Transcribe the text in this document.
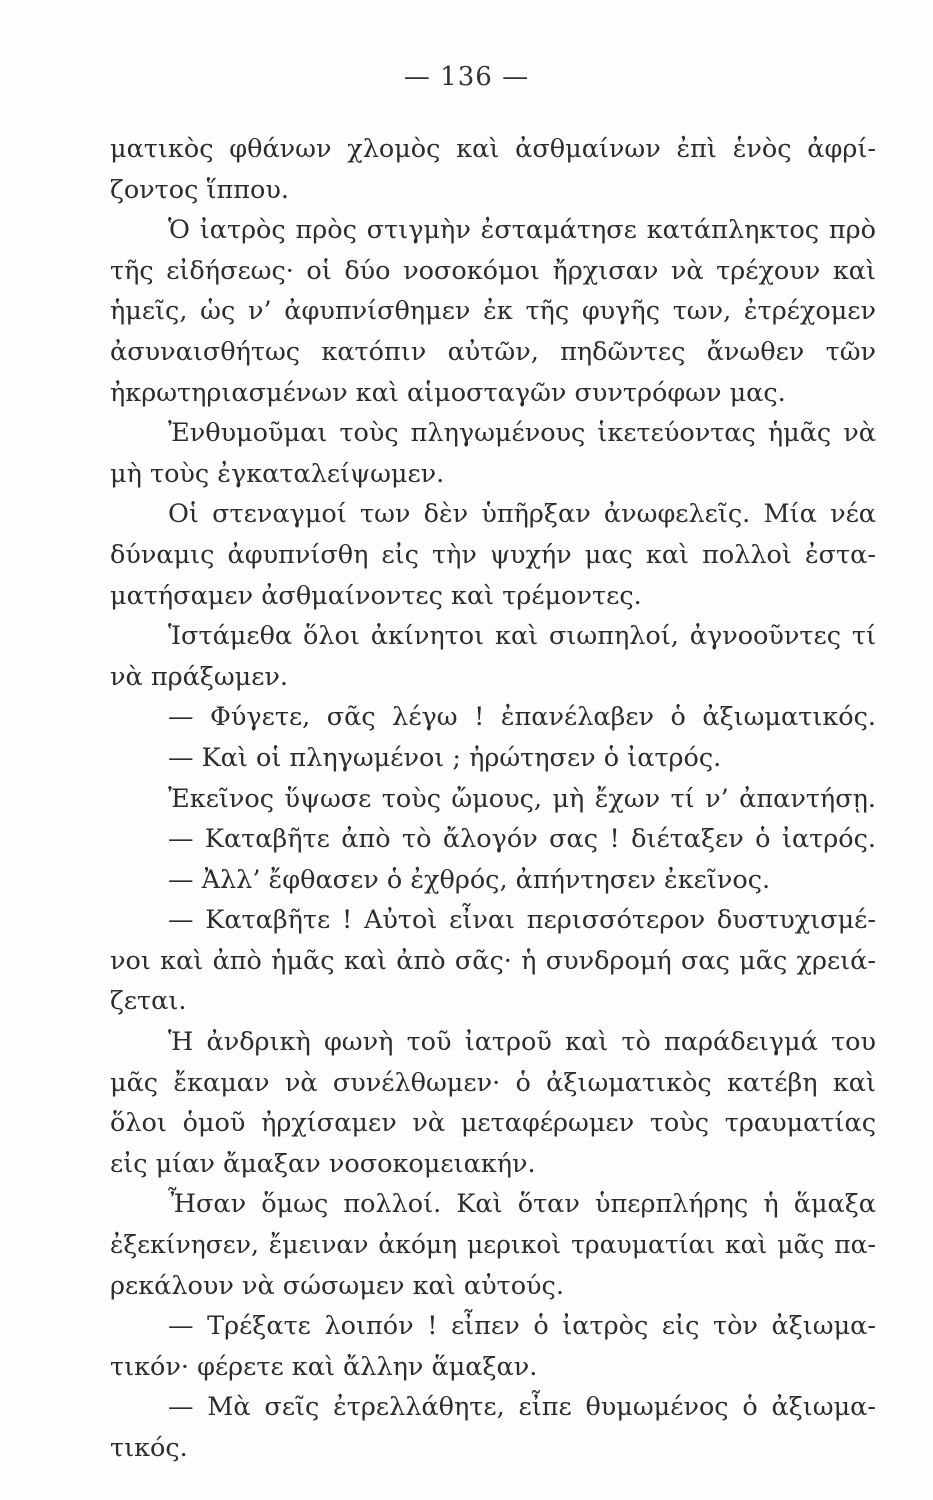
— 136 —
ματικὸς φθάνων χλομὸς καὶ ἀσθμαίνων ἐπὶ ἑνὸς ἀφρί-
ζοντος ἵππου.
Ὁ ἰατρὸς πρὸς στιγμὴν ἐσταμάτησε κατάπληκτος πρὸ
τῆς εἰδήσεως· οἱ δύο νοσοκόμοι ἤρχισαν νὰ τρέχουν καὶ
ἡμεῖς, ὡς ν’ ἀφυπνίσθημεν ἐκ τῆς φυγῆς των, ἐτρέχομεν
ἀσυναισθήτως κατόπιν αὐτῶν, πηδῶντες ἄνωθεν τῶν
ἠκρωτηριασμένων καὶ αἱμοσταγῶν συντρόφων μας.
Ἐνθυμοῦμαι τοὺς πληγωμένους ἱκετεύοντας ἡμᾶς νὰ
μὴ τοὺς ἐγκαταλείψωμεν.
Οἱ στεναγμοί των δὲν ὑπῆρξαν ἀνωφελεῖς. Μία νέα
δύναμις ἀφυπνίσθη εἰς τὴν ψυχήν μας καὶ πολλοὶ ἐστα-
ματήσαμεν ἀσθμαίνοντες καὶ τρέμοντες.
Ἱστάμεθα ὅλοι ἀκίνητοι καὶ σιωπηλοί, ἀγνοοῦντες τί
νὰ πράξωμεν.
— Φύγετε, σᾶς λέγω ! ἐπανέλαβεν ὁ ἀξιωματικός.
— Καὶ οἱ πληγωμένοι ; ἠρώτησεν ὁ ἰατρός.
Ἐκεῖνος ὕψωσε τοὺς ὤμους, μὴ ἔχων τί ν’ ἀπαντήσῃ.
— Καταβῆτε ἀπὸ τὸ ἄλογόν σας ! διέταξεν ὁ ἰατρός.
— Ἀλλ’ ἔφθασεν ὁ ἐχθρός, ἀπήντησεν ἐκεῖνος.
— Καταβῆτε ! Αὐτοὶ εἶναι περισσότερον δυστυχισμέ-
νοι καὶ ἀπὸ ἡμᾶς καὶ ἀπὸ σᾶς· ἡ συνδρομή σας μᾶς χρειά-
ζεται.
Ἡ ἀνδρικὴ φωνὴ τοῦ ἰατροῦ καὶ τὸ παράδειγμά του
μᾶς ἔκαμαν νὰ συνέλθωμεν· ὁ ἀξιωματικὸς κατέβη καὶ
ὅλοι ὁμοῦ ἠρχίσαμεν νὰ μεταφέρωμεν τοὺς τραυματίας
εἰς μίαν ἄμαξαν νοσοκομειακήν.
Ἦσαν ὅμως πολλοί. Καὶ ὅταν ὑπερπλήρης ἡ ἅμαξα
ἐξεκίνησεν, ἔμειναν ἀκόμη μερικοὶ τραυματίαι καὶ μᾶς πα-
ρεκάλουν νὰ σώσωμεν καὶ αὐτούς.
— Τρέξατε λοιπόν ! εἶπεν ὁ ἰατρὸς εἰς τὸν ἀξιωμα-
τικόν· φέρετε καὶ ἄλλην ἅμαξαν.
— Μὰ σεῖς ἐτρελλάθητε, εἶπε θυμωμένος ὁ ἀξιωμα-
τικός.
